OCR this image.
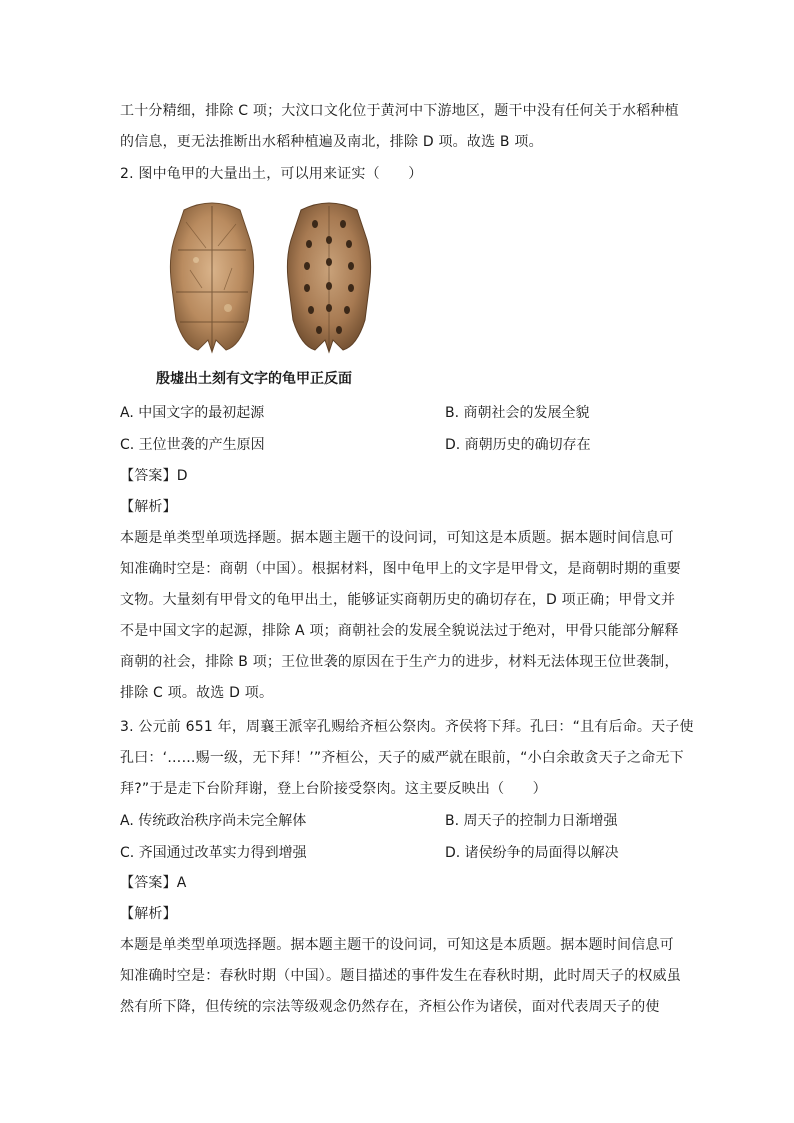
工十分精细，排除 C 项；大汶口文化位于黄河中下游地区，题干中没有任何关于水稻种植
的信息，更无法推断出水稻种植遍及南北，排除 D 项。故选 B 项。
2. 图中龟甲的大量出土，可以用来证实（　　）
殷墟出土刻有文字的龟甲正反面
A. 中国文字的最初起源	B. 商朝社会的发展全貌
C. 王位世袭的产生原因	D. 商朝历史的确切存在
【答案】D
【解析】
本题是单类型单项选择题。据本题主题干的设问词，可知这是本质题。据本题时间信息可
知准确时空是：商朝（中国）。根据材料，图中龟甲上的文字是甲骨文，是商朝时期的重要
文物。大量刻有甲骨文的龟甲出土，能够证实商朝历史的确切存在，D 项正确；甲骨文并
不是中国文字的起源，排除 A 项；商朝社会的发展全貌说法过于绝对，甲骨只能部分解释
商朝的社会，排除 B 项；王位世袭的原因在于生产力的进步，材料无法体现王位世袭制，
排除 C 项。故选 D 项。
3. 公元前 651 年，周襄王派宰孔赐给齐桓公祭肉。齐侯将下拜。孔曰：“且有后命。天子使
孔曰：‘……赐一级，无下拜！’”齐桓公，天子的威严就在眼前，“小白余敢贪天子之命无下
拜?”于是走下台阶拜谢，登上台阶接受祭肉。这主要反映出（　　）
A. 传统政治秩序尚未完全解体	B. 周天子的控制力日渐增强
C. 齐国通过改革实力得到增强	D. 诸侯纷争的局面得以解决
【答案】A
【解析】
本题是单类型单项选择题。据本题主题干的设问词，可知这是本质题。据本题时间信息可
知准确时空是：春秋时期（中国）。题目描述的事件发生在春秋时期，此时周天子的权威虽
然有所下降，但传统的宗法等级观念仍然存在，齐桓公作为诸侯，面对代表周天子的使
